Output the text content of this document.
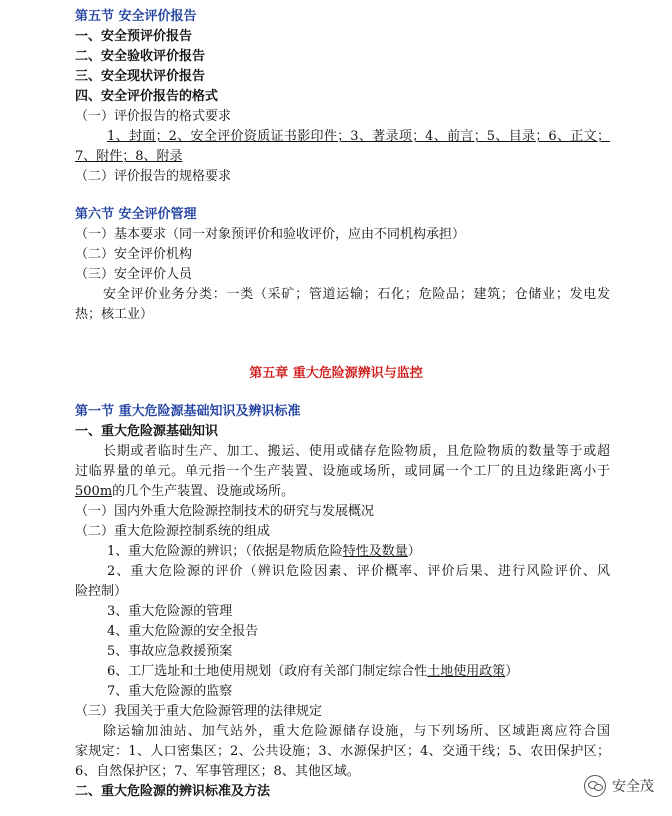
第五节 安全评价报告
一、安全预评价报告
二、安全验收评价报告
三、安全现状评价报告
四、安全评价报告的格式
（一）评价报告的格式要求
1、封面；2、安全评价资质证书影印件；3、著录项；4、前言；5、目录；6、正文；
7、附件；8、附录
（二）评价报告的规格要求
第六节 安全评价管理
（一）基本要求（同一对象预评价和验收评价，应由不同机构承担）
（二）安全评价机构
（三）安全评价人员
安全评价业务分类：一类（采矿；管道运输；石化；危险品；建筑；仓储业；发电发
热；核工业）
第五章 重大危险源辨识与监控
第一节 重大危险源基础知识及辨识标准
一、重大危险源基础知识
长期或者临时生产、加工、搬运、使用或储存危险物质，且危险物质的数量等于或超
过临界量的单元。单元指一个生产装置、设施或场所，或同属一个工厂的且边缘距离小于
500m的几个生产装置、设施或场所。
（一）国内外重大危险源控制技术的研究与发展概况
（二）重大危险源控制系统的组成
1、重大危险源的辨识；（依据是物质危险特性及数量）
2、重大危险源的评价（辨识危险因素、评价概率、评价后果、进行风险评价、风
险控制）
3、重大危险源的管理
4、重大危险源的安全报告
5、事故应急救援预案
6、工厂选址和土地使用规划（政府有关部门制定综合性土地使用政策）
7、重大危险源的监察
（三）我国关于重大危险源管理的法律规定
除运输加油站、加气站外，重大危险源储存设施，与下列场所、区域距离应符合国
家规定：1、人口密集区；2、公共设施；3、水源保护区；4、交通干线；5、农田保护区；
6、自然保护区；7、军事管理区；8、其他区域。
二、重大危险源的辨识标准及方法	安全茂
